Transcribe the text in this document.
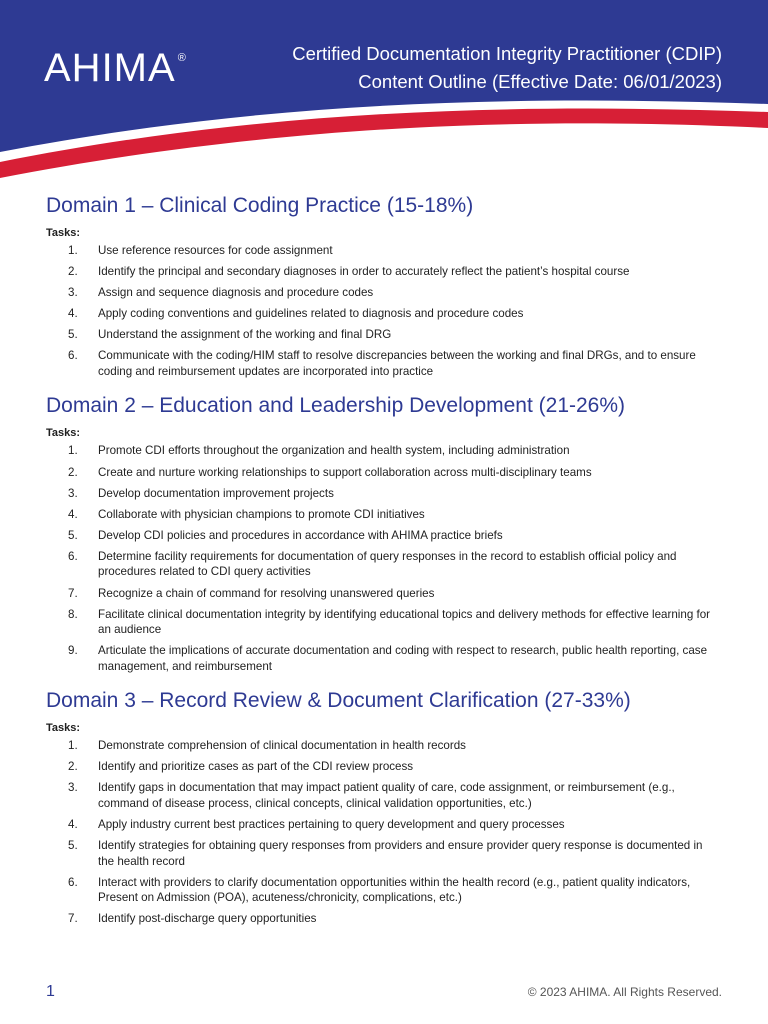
AHIMA ®	Certified Documentation Integrity Practitioner (CDIP)
Content Outline (Effective Date: 06/01/2023)
Domain 1 – Clinical Coding Practice (15-18%)
Tasks:
1.	Use reference resources for code assignment
2.	Identify the principal and secondary diagnoses in order to accurately reflect the patient’s hospital course
3.	Assign and sequence diagnosis and procedure codes
4.	Apply coding conventions and guidelines related to diagnosis and procedure codes
5.	Understand the assignment of the working and final DRG
6.	Communicate with the coding/HIM staff to resolve discrepancies between the working and final DRGs, and to ensure coding and reimbursement updates are incorporated into practice
Domain 2 – Education and Leadership Development (21-26%)
Tasks:
1.	Promote CDI efforts throughout the organization and health system, including administration
2.	Create and nurture working relationships to support collaboration across multi-disciplinary teams
3.	Develop documentation improvement projects
4.	Collaborate with physician champions to promote CDI initiatives
5.	Develop CDI policies and procedures in accordance with AHIMA practice briefs
6.	Determine facility requirements for documentation of query responses in the record to establish official policy and procedures related to CDI query activities
7.	Recognize a chain of command for resolving unanswered queries
8.	Facilitate clinical documentation integrity by identifying educational topics and delivery methods for effective learning for an audience
9.	Articulate the implications of accurate documentation and coding with respect to research, public health reporting, case management, and reimbursement
Domain 3 – Record Review & Document Clarification (27-33%)
Tasks:
1.	Demonstrate comprehension of clinical documentation in health records
2.	Identify and prioritize cases as part of the CDI review process
3.	Identify gaps in documentation that may impact patient quality of care, code assignment, or reimbursement (e.g., command of disease process, clinical concepts, clinical validation opportunities, etc.)
4.	Apply industry current best practices pertaining to query development and query processes
5.	Identify strategies for obtaining query responses from providers and ensure provider query response is documented in the health record
6.	Interact with providers to clarify documentation opportunities within the health record (e.g., patient quality indicators, Present on Admission (POA), acuteness/chronicity, complications, etc.)
7.	Identify post-discharge query opportunities
1	© 2023 AHIMA. All Rights Reserved.
